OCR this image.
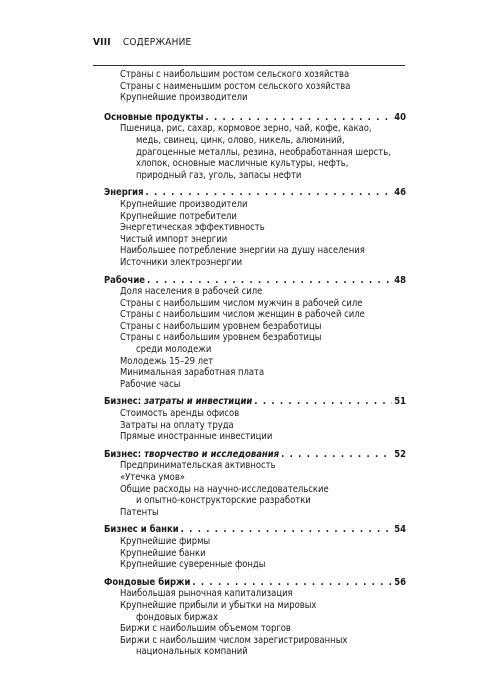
VIII СОДЕРЖАНИЕ
Страны с наибольшим ростом сельского хозяйства
Страны с наименьшим ростом сельского хозяйства
Крупнейшие производители
Основные продукты . . .	40
Пшеница, рис, сахар, кормовое зерно, чай, кофе, какао,
медь, свинец, цинк, олово, никель, алюминий,
драгоценные металлы, резина, необработанная шерсть,
хлопок, основные масличные культуры, нефть,
природный газ, уголь, запасы нефти
Энергия . . .	46
Крупнейшие производители
Крупнейшие потребители
Энергетическая эффективность
Чистый импорт энергии
Наибольшее потребление энергии на душу населения
Источники электроэнергии
Рабочие . . .	48
Доля населения в рабочей силе
Страны с наибольшим числом мужчин в рабочей силе
Страны с наибольшим числом женщин в рабочей силе
Страны с наибольшим уровнем безработицы
Страны с наибольшим уровнем безработицы
среди молодежи
Молодежь 15–29 лет
Минимальная заработная плата
Рабочие часы
Бизнес:
затраты и инвестиции . . .	51
Стоимость аренды офисов
Затраты на оплату труда
Прямые иностранные инвестиции
Бизнес:
творчество и исследования . . .	52
Предпринимательская активность
«Утечка умов»
Общие расходы на научно-исследовательские
и опытно-конструкторские разработки
Патенты
Бизнес и банки . . .	54
Крупнейшие фирмы
Крупнейшие банки
Крупнейшие суверенные фонды
Фондовые биржи . . .	56
Наибольшая рыночная капитализация
Крупнейшие прибыли и убытки на мировых
фондовых биржах
Биржи с наибольшим объемом торгов
Биржи с наибольшим числом зарегистрированных
национальных компаний
